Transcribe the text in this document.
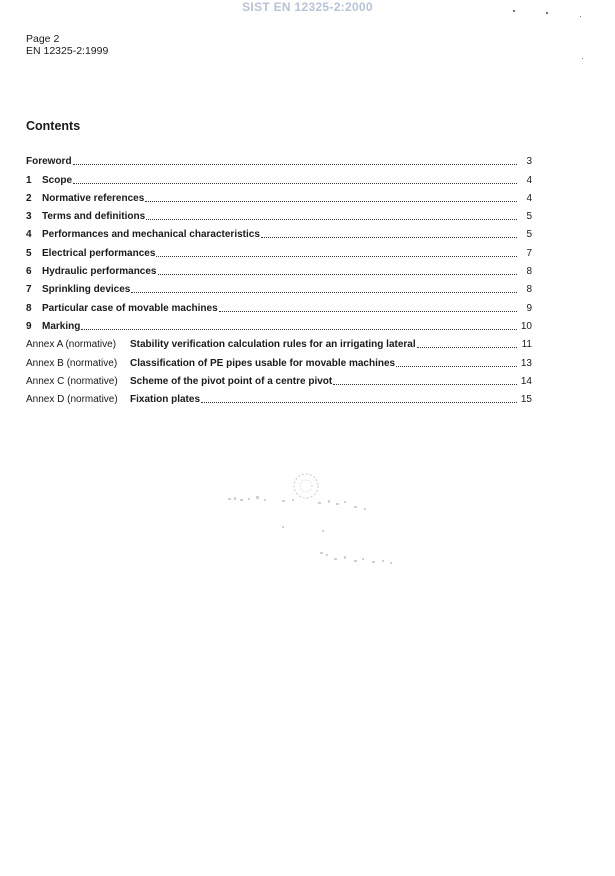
SIST EN 12325-2:2000
Page 2
EN 12325-2:1999
Contents
Foreword	3
1	Scope	4
2	Normative references	4
3	Terms and definitions	5
4	Performances and mechanical characteristics	5
5	Electrical performances	7
6	Hydraulic performances	8
7	Sprinkling devices	8
8	Particular case of movable machines	9
9	Marking	10
Annex A (normative)	Stability verification calculation rules for an irrigating lateral	11
Annex B (normative)	Classification of PE pipes usable for movable machines	13
Annex C (normative)	Scheme of the pivot point of a centre pivot	14
Annex D (normative)	Fixation plates	15
